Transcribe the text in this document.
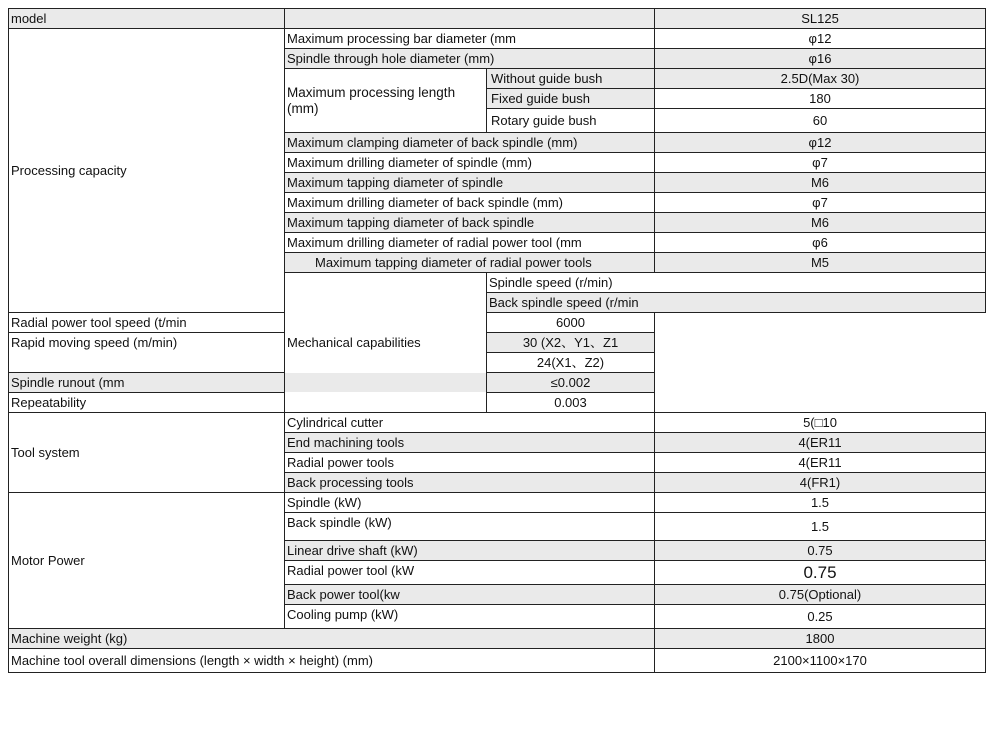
model			SL125	
Processing capacity	Maximum processing bar diameter (mm		φ12	
	Spindle through hole diameter (mm)		φ16	
	Maximum processing length (mm)	Without guide bush	2.5D(Max 30)	
		Fixed guide bush	180	
		Rotary guide bush	60	
	Maximum clamping diameter of back spindle (mm)		φ12	
	Maximum drilling diameter of spindle (mm)		φ7	
	Maximum tapping diameter of spindle		M6	
	Maximum drilling diameter of back spindle (mm)		φ7	
	Maximum tapping diameter of back spindle		M6	
	Maximum drilling diameter of radial power tool (mm		φ6	
	Maximum tapping diameter of radial power tools		M5	
	Mechanical capabilities	Spindle speed (r/min)	
		Back spindle speed (r/min	
Radial power tool speed (t/min		6000		
Rapid moving speed (m/min)		30 (X2、Y1、Z1		
		24(X1、Z2)		
Spindle runout (mm		≤0.002		
Repeatability		0.003		
Tool system	Cylindrical cutter		5(□10	
	End machining tools		4(ER11	
	Radial power tools		4(ER11	
	Back processing tools		4(FR1)	
Motor Power	Spindle (kW)		1.5	
	Back spindle (kW)		1.5	
	Linear drive shaft (kW)		0.75	
	Radial power tool (kW		0.75	
	Back power tool(kw		0.75(Optional)	
	Cooling pump (kW)		0.25	
Machine weight (kg)			1800	
Machine tool overall dimensions (length × width × height) (mm)			2100×1100×170	
